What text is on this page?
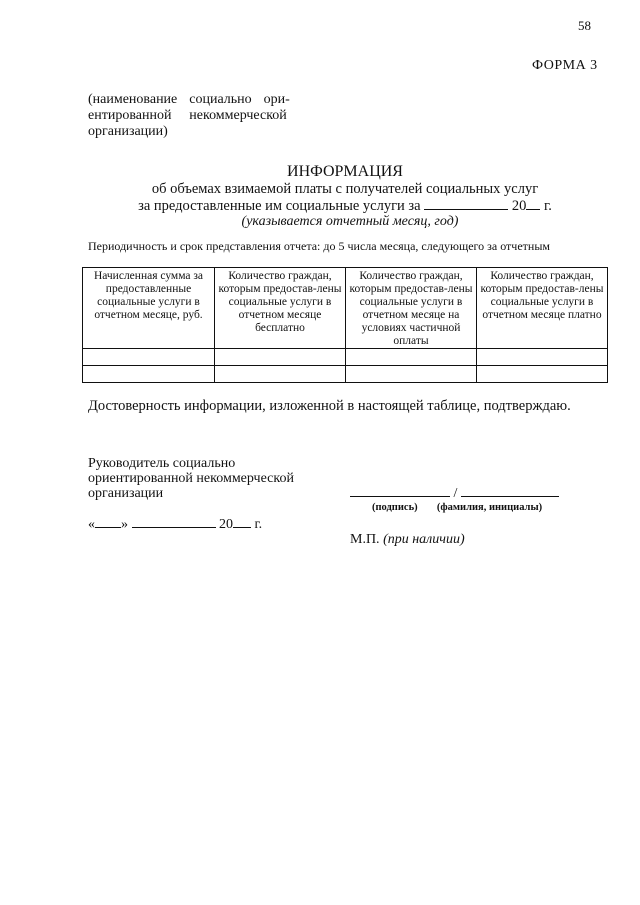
58
ФОРМА 3
(наименование	социально	ори-
ентированной	некоммерческой	
организации)		
ИНФОРМАЦИЯ
об объемах взимаемой платы с получателей социальных услуг
за предоставленные им социальные услуги за	20 г.
(указывается отчетный месяц, год)
Периодичность и срок представления отчета: до 5 числа месяца, следующего за отчетным
Начисленная сумма за предоставленные социальные услуги в отчетном месяце, руб.	Количество граждан, которым предостав-лены социальные услуги в отчетном месяце бесплатно	Количество граждан, которым предостав-лены социальные услуги в отчетном месяце на условиях частичной оплаты	Количество граждан, которым предостав-лены социальные услуги в отчетном месяце платно

Достоверность информации, изложенной в настоящей таблице, подтверждаю.
Руководитель социально
ориентированной некоммерческой
организации	/
(подпись) (фамилия, инициалы)
« »	20 г.
М.П. (при наличии)
